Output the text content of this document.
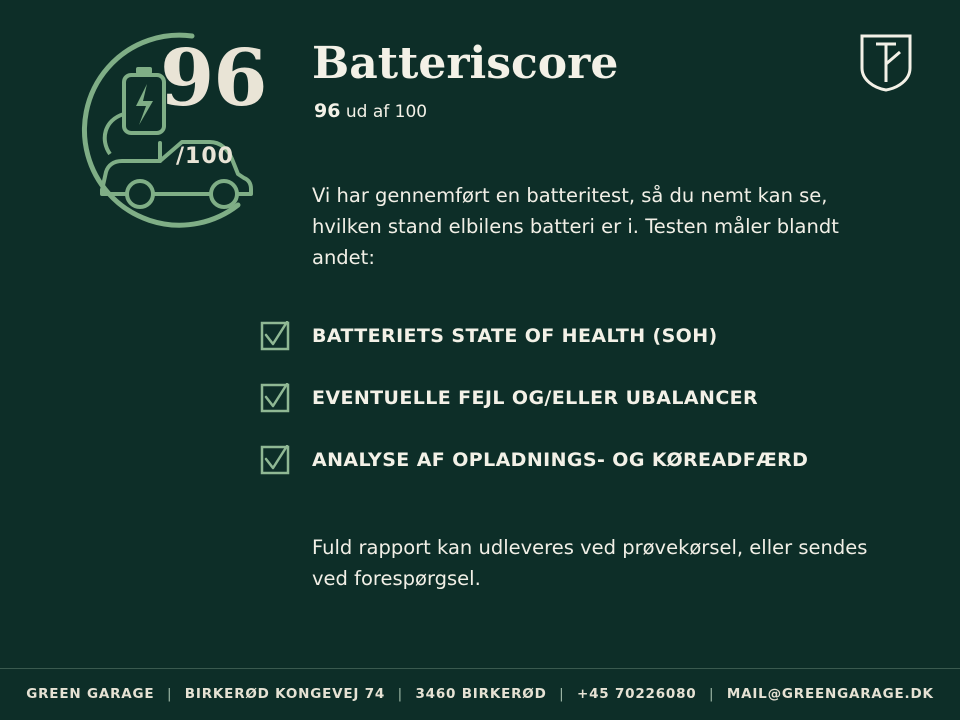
96
/100
Batteriscore
96 ud af 100
Vi har gennemført en batteritest, så du nemt kan se, hvilken stand elbilens batteri er i. Testen måler blandt andet:
BATTERIETS STATE OF HEALTH (SOH)
EVENTUELLE FEJL OG/ELLER UBALANCER
ANALYSE AF OPLADNINGS- OG KØREADFÆRD
Fuld rapport kan udleveres ved prøvekørsel, eller sendes ved forespørgsel.
GREEN GARAGE | BIRKERØD KONGEVEJ 74 | 3460 BIRKERØD | +45 70226080 | MAIL@GREENGARAGE.DK
